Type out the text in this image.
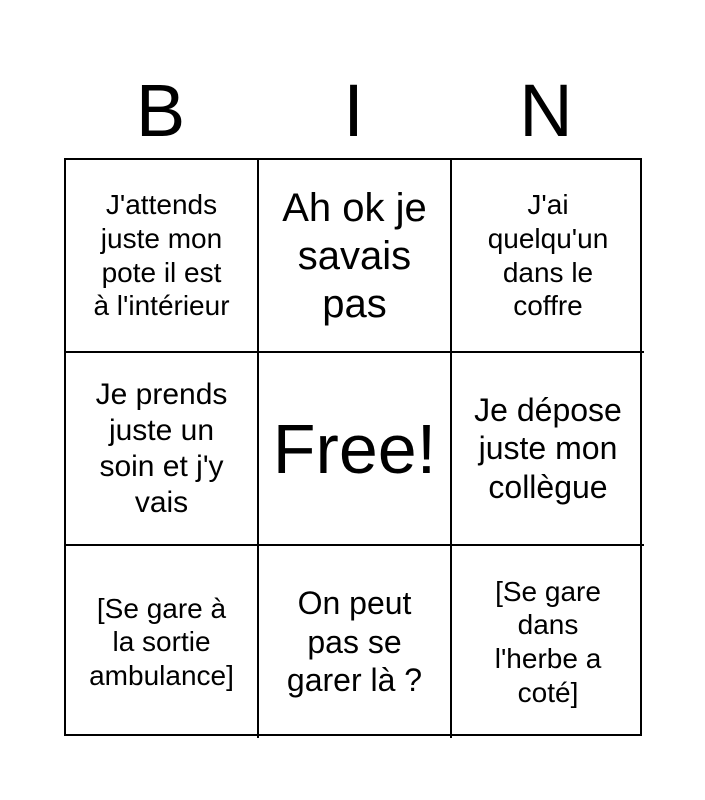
B	I	N
J'attends
juste mon
pote il est
à l'intérieur
Ah ok je
savais
pas
J'ai
quelqu'un
dans le
coffre
Je prends
juste un
soin et j'y
vais
Free! Je dépose
juste mon
collègue
[Se gare à
la sortie
ambulance]
On peut
pas se
garer là ?
[Se gare
dans
l'herbe a
coté]
